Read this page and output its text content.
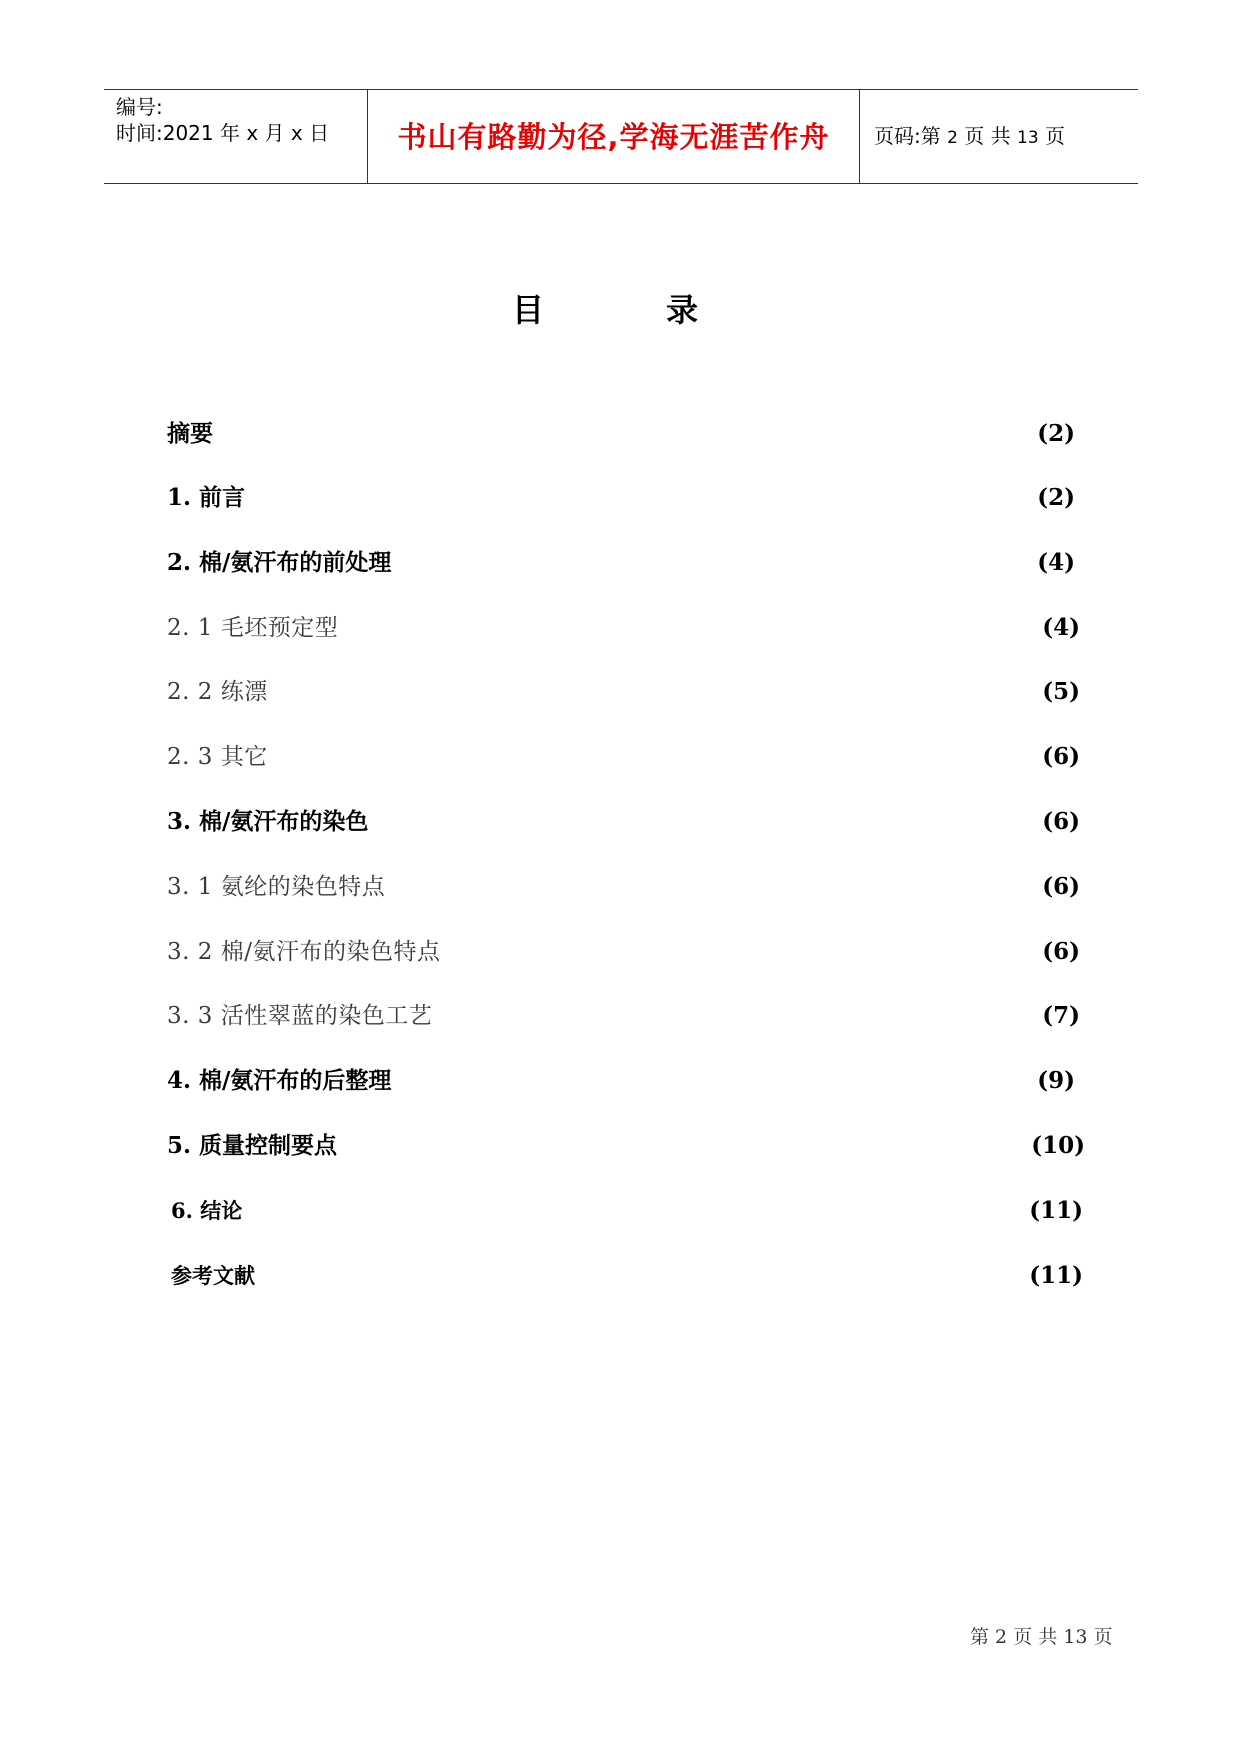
编号:
时间:2021 年 x 月 x 日	书山有路勤为径,学海无涯苦作舟	页码:第 2 页 共 13 页
目	录
摘要	(2)
1. 前言	(2)
2. 棉/氨汗布的前处理	(4)
2. 1 毛坯预定型	(4)
2. 2 练漂	(5)
2. 3 其它	(6)
3. 棉/氨汗布的染色	(6)
3. 1 氨纶的染色特点	(6)
3. 2 棉/氨汗布的染色特点	(6)
3. 3 活性翠蓝的染色工艺	(7)
4. 棉/氨汗布的后整理	(9)
5. 质量控制要点	(10)
6. 结论	(11)
参考文献	(11)
第 2 页 共 13 页
